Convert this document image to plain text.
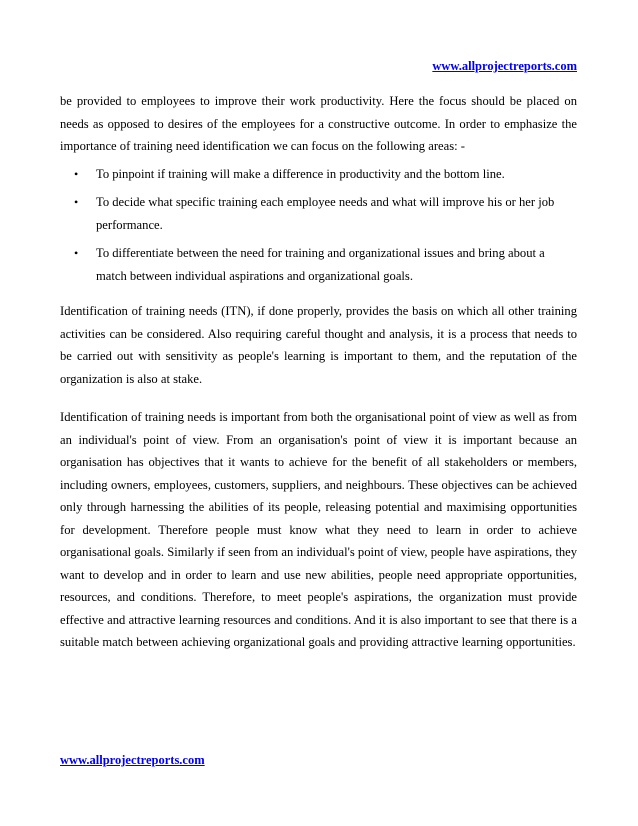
www.allprojectreports.com

be provided to employees to improve their work productivity. Here the focus should be placed on needs as opposed to desires of the employees for a constructive outcome. In order to emphasize the importance of training need identification we can focus on the following areas: -

• To pinpoint if training will make a difference in productivity and the bottom line.
• To decide what specific training each employee needs and what will improve his or her job performance.
• To differentiate between the need for training and organizational issues and bring about a match between individual aspirations and organizational goals.

Identification of training needs (ITN), if done properly, provides the basis on which all other training activities can be considered. Also requiring careful thought and analysis, it is a process that needs to be carried out with sensitivity as people's learning is important to them, and the reputation of the organization is also at stake.

Identification of training needs is important from both the organisational point of view as well as from an individual's point of view. From an organisation's point of view it is important because an organisation has objectives that it wants to achieve for the benefit of all stakeholders or members, including owners, employees, customers, suppliers, and neighbours. These objectives can be achieved only through harnessing the abilities of its people, releasing potential and maximising opportunities for development. Therefore people must know what they need to learn in order to achieve organisational goals. Similarly if seen from an individual's point of view, people have aspirations, they want to develop and in order to learn and use new abilities, people need appropriate opportunities, resources, and conditions. Therefore, to meet people's aspirations, the organization must provide effective and attractive learning resources and conditions. And it is also important to see that there is a suitable match between achieving organizational goals and providing attractive learning opportunities.

www.allprojectreports.com
